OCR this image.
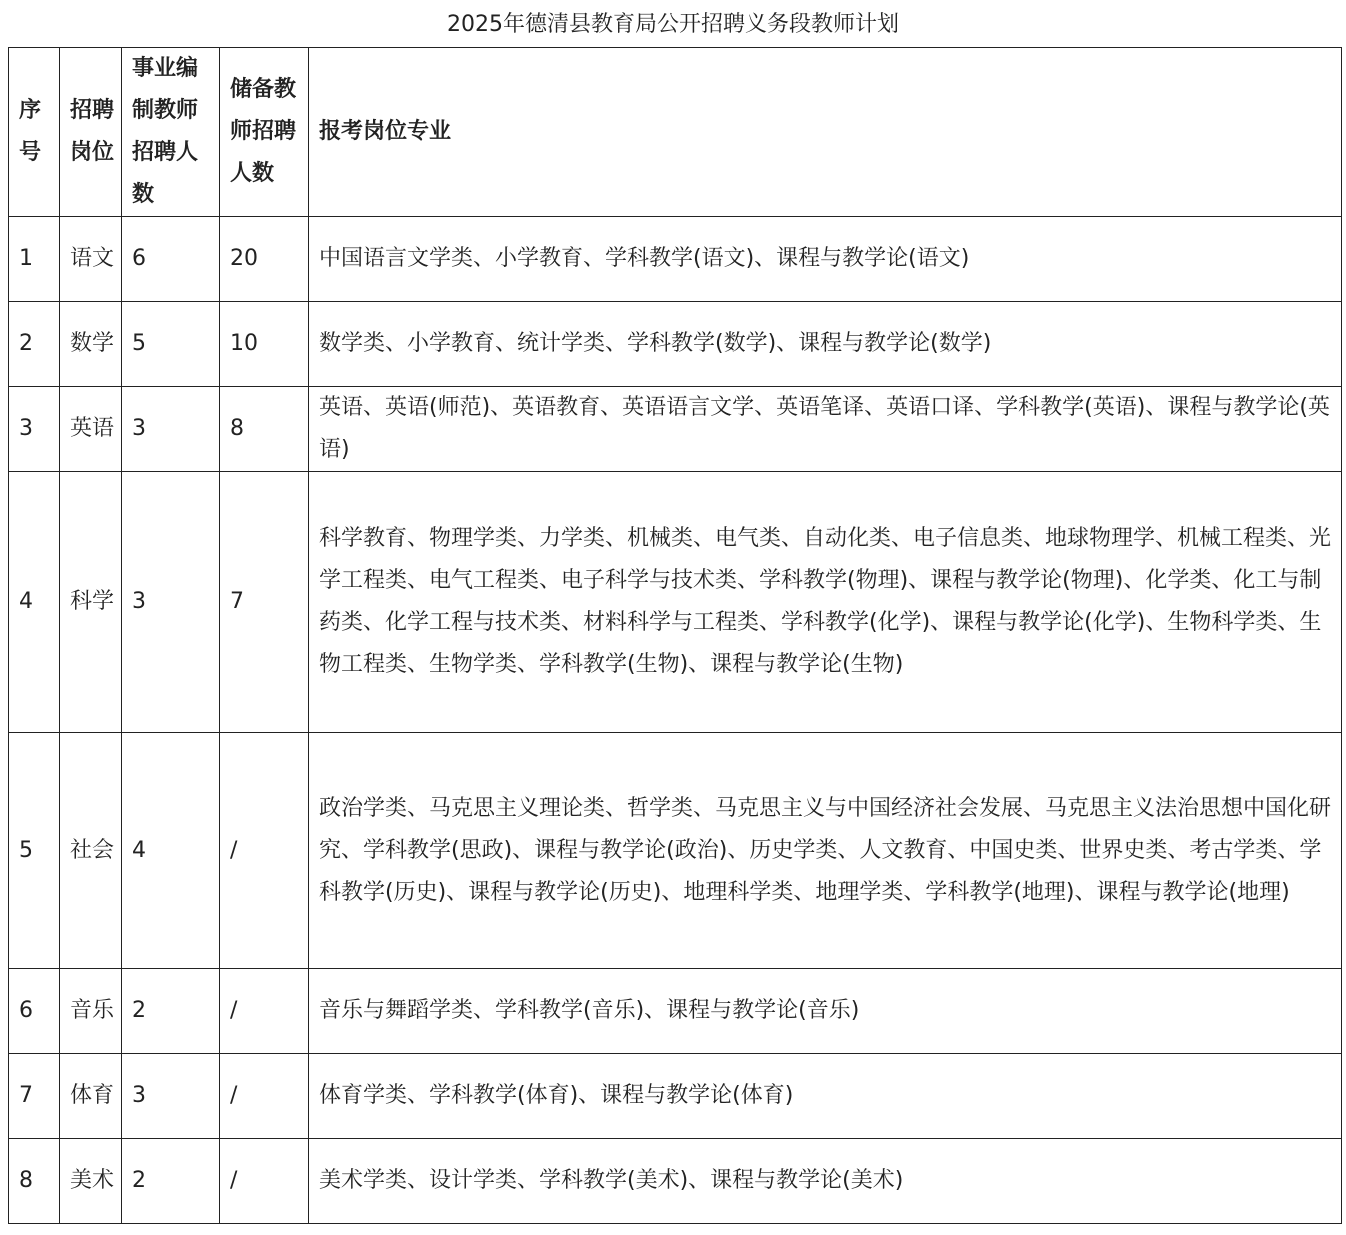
2025年德清县教育局公开招聘义务段教师计划
序号	招聘岗位	事业编制教师招聘人数	储备教师招聘人数	报考岗位专业
1	语文	6	20	中国语言文学类、小学教育、学科教学(语文)、课程与教学论(语文)
2	数学	5	10	数学类、小学教育、统计学类、学科教学(数学)、课程与教学论(数学)
3	英语	3	8	英语、英语(师范)、英语教育、英语语言文学、英语笔译、英语口译、学科教学(英语)、课程与教学论(英语)
4	科学	3	7	科学教育、物理学类、力学类、机械类、电气类、自动化类、电子信息类、地球物理学、机械工程类、光学工程类、电气工程类、电子科学与技术类、学科教学(物理)、课程与教学论(物理)、化学类、化工与制药类、化学工程与技术类、材料科学与工程类、学科教学(化学)、课程与教学论(化学)、生物科学类、生物工程类、生物学类、学科教学(生物)、课程与教学论(生物)
5	社会	4	/	政治学类、马克思主义理论类、哲学类、马克思主义与中国经济社会发展、马克思主义法治思想中国化研究、学科教学(思政)、课程与教学论(政治)、历史学类、人文教育、中国史类、世界史类、考古学类、学科教学(历史)、课程与教学论(历史)、地理科学类、地理学类、学科教学(地理)、课程与教学论(地理)
6	音乐	2	/	音乐与舞蹈学类、学科教学(音乐)、课程与教学论(音乐)
7	体育	3	/	体育学类、学科教学(体育)、课程与教学论(体育)
8	美术	2	/	美术学类、设计学类、学科教学(美术)、课程与教学论(美术)
